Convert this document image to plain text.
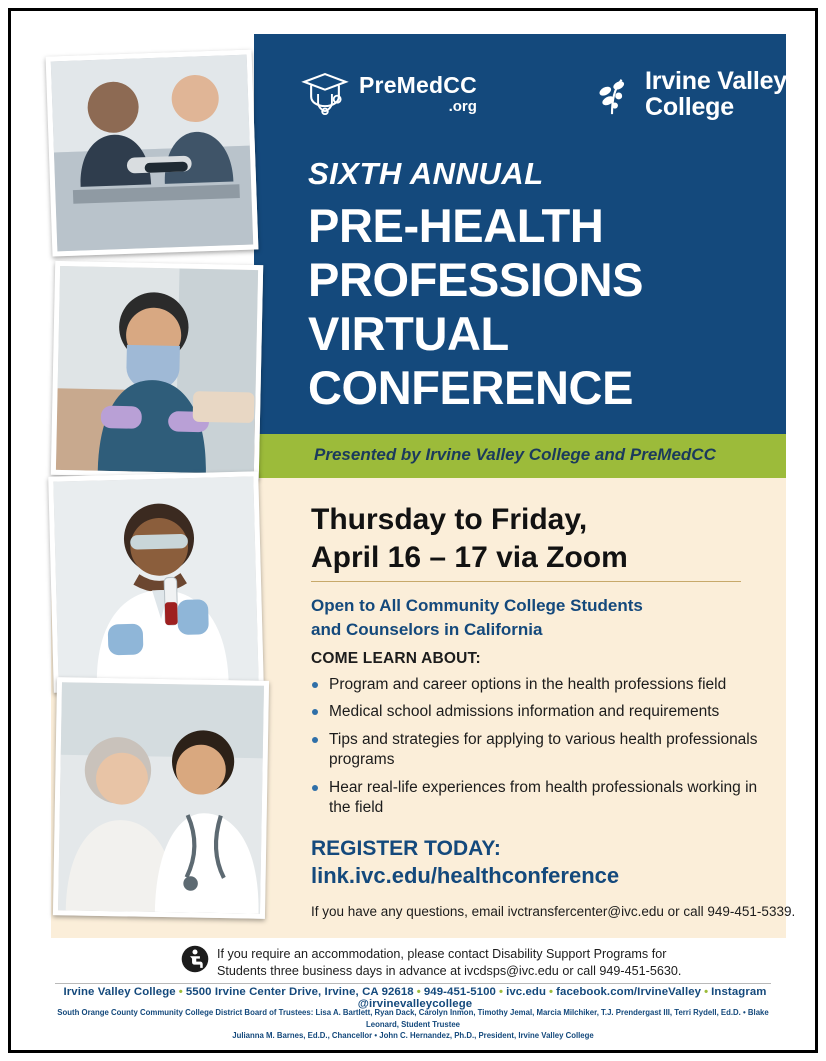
PreMedCC
.org
Irvine Valley
College
SIXTH ANNUAL
PRE-HEALTH
PROFESSIONS
VIRTUAL
CONFERENCE
Presented by Irvine Valley College and PreMedCC
Thursday to Friday,
April 16 – 17 via Zoom
Open to All Community College Students
and Counselors in California
COME LEARN ABOUT:
Program and career options in the health professions field
Medical school admissions information and requirements
Tips and strategies for applying to various health professionals programs
Hear real-life experiences from health professionals working in the field
REGISTER TODAY:
link.ivc.edu/healthconference
If you have any questions, email ivctransfercenter@ivc.edu or call 949-451-5339.
If you require an accommodation, please contact Disability Support Programs for
Students three business days in advance at ivcdsps@ivc.edu or call 949-451-5630.
Irvine Valley College • 5500 Irvine Center Drive, Irvine, CA 92618 • 949-451-5100 • ivc.edu • facebook.com/IrvineValley • Instagram @irvinevalleycollege
South Orange County Community College District Board of Trustees: Lisa A. Bartlett, Ryan Dack, Carolyn Inmon, Timothy Jemal, Marcia Milchiker, T.J. Prendergast III, Terri Rydell, Ed.D. • Blake Leonard, Student Trustee
Julianna M. Barnes, Ed.D., Chancellor • John C. Hernandez, Ph.D., President, Irvine Valley College
